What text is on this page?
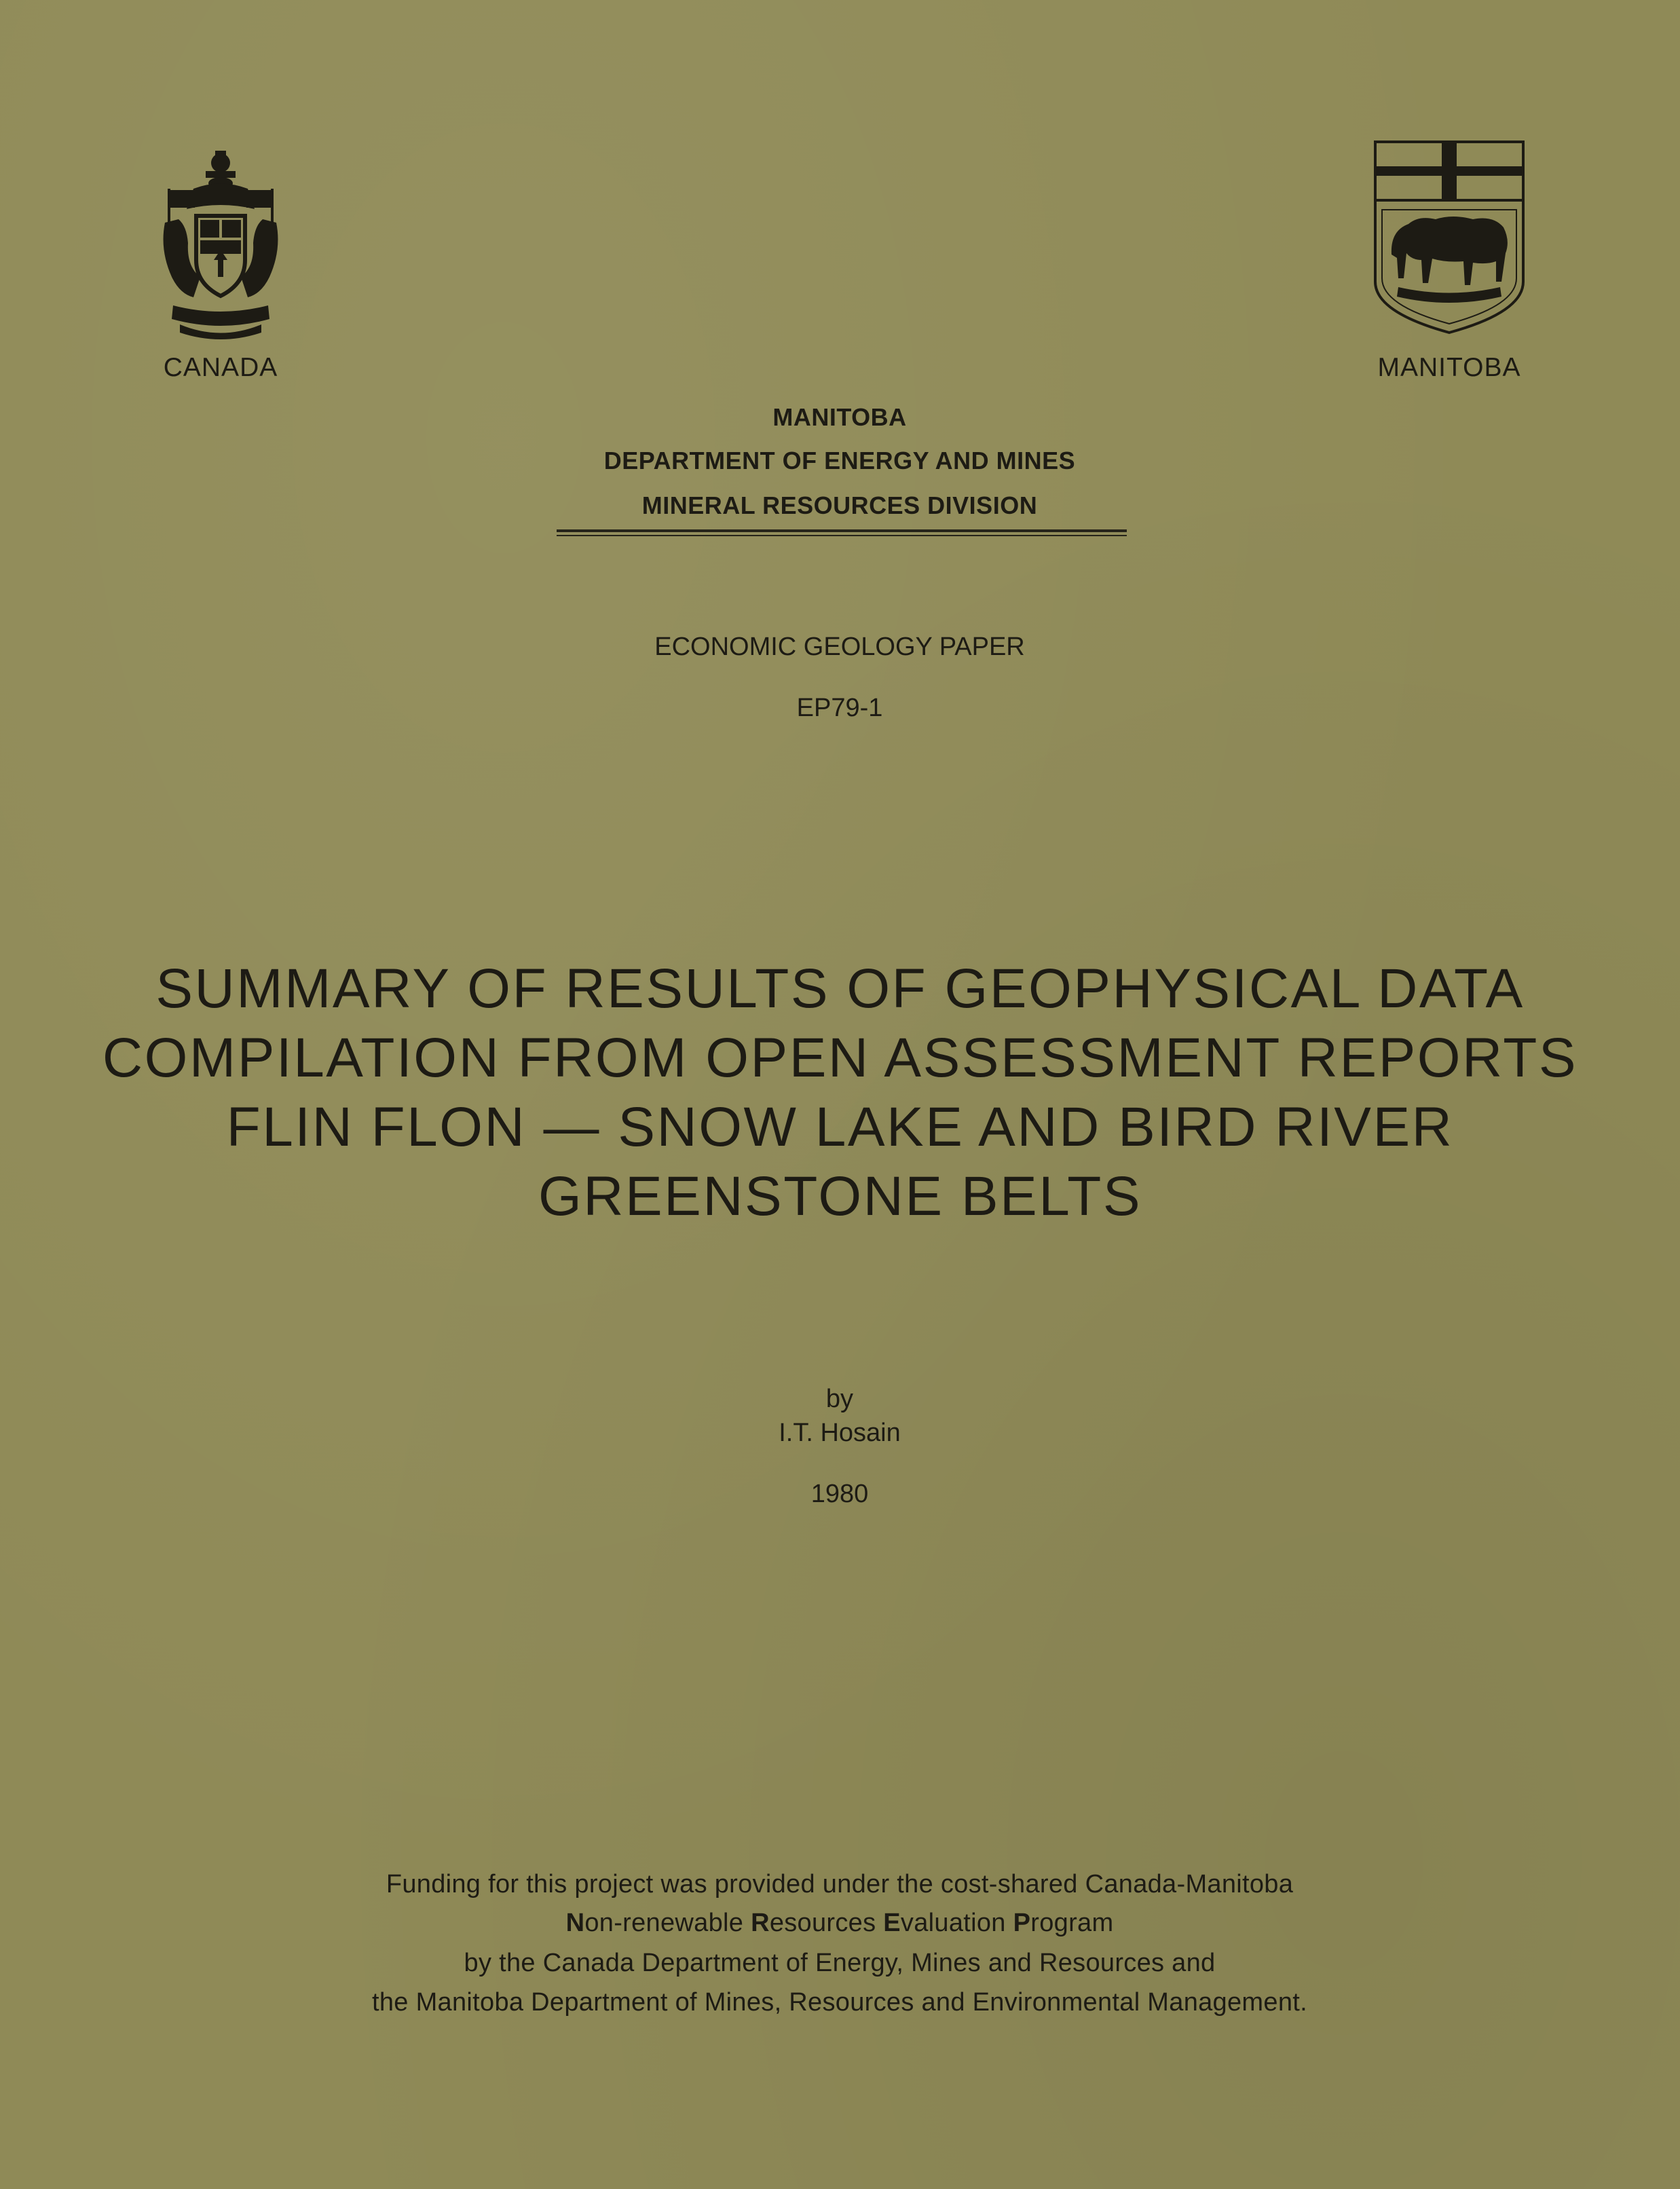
CANADA	MANITOBA
MANITOBA
DEPARTMENT OF ENERGY AND MINES
MINERAL RESOURCES DIVISION
ECONOMIC GEOLOGY PAPER
EP79-1
SUMMARY OF RESULTS OF GEOPHYSICAL DATA
COMPILATION FROM OPEN ASSESSMENT REPORTS
FLIN FLON — SNOW LAKE AND BIRD RIVER
GREENSTONE BELTS
by
I.T. Hosain
1980
Funding for this project was provided under the cost-shared Canada-Manitoba
Non-renewable Resources Evaluation Program
by the Canada Department of Energy, Mines and Resources and
the Manitoba Department of Mines, Resources and Environmental Management.
